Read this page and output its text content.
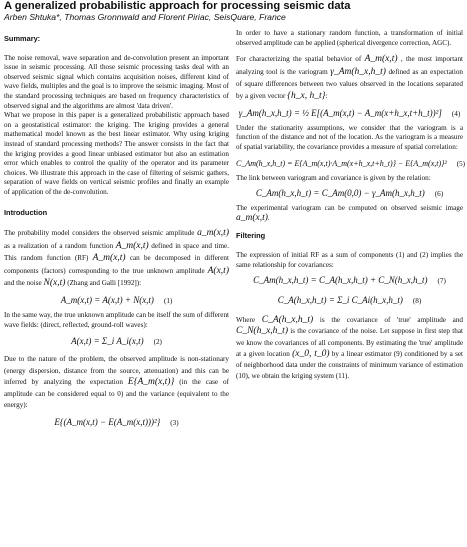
A generalized probabilistic approach for processing seismic data
Arben Shtuka*, Thomas Gronnwald and Florent Piriac, SeisQuare, France
Summary:

The noise removal, wave separation and de-convolution present an important issue in seismic processing. All those seismic processing tasks deal with an observed seismic signal which contains acquisition noises, different kind of wave fields, multiples and the goal is to improve the seismic imaging. Most of the standard processing techniques are based on frequency characteristics of observed signal and the algorithms are almost 'data driven'.

What we propose in this paper is a generalized probabilistic approach based on a geostatistical estimator: the kriging. The kriging provides a general mathematical model known as the best linear estimator. Why using kriging instead of standard processing methods? The answer consists in the fact that the kriging provides a good linear unbiased estimator but also an estimation error which enables to control the quality of the operator and its parameter choices. We illustrate this approach in the case of filtering of seismic gathers, separation of wave fields on vertical seismic profiles and finally an example of application of the de-convolution.

Introduction

The probability model considers the observed seismic amplitude a_m(x,t) as a realization of a random function A_m(x,t) defined in space and time. This random function (RF) A_m(x,t) can be decomposed in different components (factors) corresponding to the true unknown amplitude A(x,t) and the noise N(x,t) (Zhang and Galli [1992]):

A_m(x,t) = A(x,t) + N(x,t) (1)

In the same way, the true unknown amplitude can be itself the sum of different wave fields: (direct, reflected, ground-roll waves):

A(x,t) = Σ_i A_i(x,t) (2)

Due to the nature of the problem, the observed amplitude is non-stationary (energy dispersion, distance from the source, attenuation) and this can be inferred by analyzing the expectation E{A_m(x,t)} (in the case of amplitude can be considered equal to 0) and the variance (equivalent to the energy):

E{(A_m(x,t) − E(A_m(x,t)))²} (3)

In order to have a stationary random function, a transformation of initial observed amplitude can be applied (spherical divergence correction, AGC).

For characterizing the spatial behavior of A_m(x,t) , the most important analyzing tool is the variogram γ_Am(h_x,h_t) defined as an expectation of square differences between two values observed in the locations separated by a given vector {h_x, h_t}:

γ_Am(h_x,h_t) = ½ E[(A_m(x,t) − A_m(x+h_x,t+h_t))²] (4)

Under the stationarity assumptions, we consider that the variogram is a function of the distance and not of the location. As the variogram is a measure of spatial variability, the covariance provides a measure of spatial correlation:

C_Am(h_x,h_t) = E{A_m(x,t)·A_m(x+h_x,t+h_t)} − E{A_m(x,t)}² (5)

The link between variogram and covariance is given by the relation:

C_Am(h_x,h_t) = C_Am(0,0) − γ_Am(h_x,h_t) (6)

The experimental variogram can be computed on observed seismic image a_m(x,t).

Filtering

The expression of initial RF as a sum of components (1) and (2) implies the same relationship for covariances:

C_Am(h_x,h_t) = C_A(h_x,h_t) + C_N(h_x,h_t) (7)
C_A(h_x,h_t) = Σ_i C_Ai(h_x,h_t) (8)

Where C_A(h_x,h_t) is the covariance of 'true' amplitude and C_N(h_x,h_t) is the covariance of the noise. Let suppose in first step that we know the covariances of all components. By estimating the 'true' amplitude at a given location (x_0, t_0) by a linear estimator (9) conditioned by a set of neighborhood data under the constraints of minimum variance of estimation (10), we obtain the kriging system (11).
